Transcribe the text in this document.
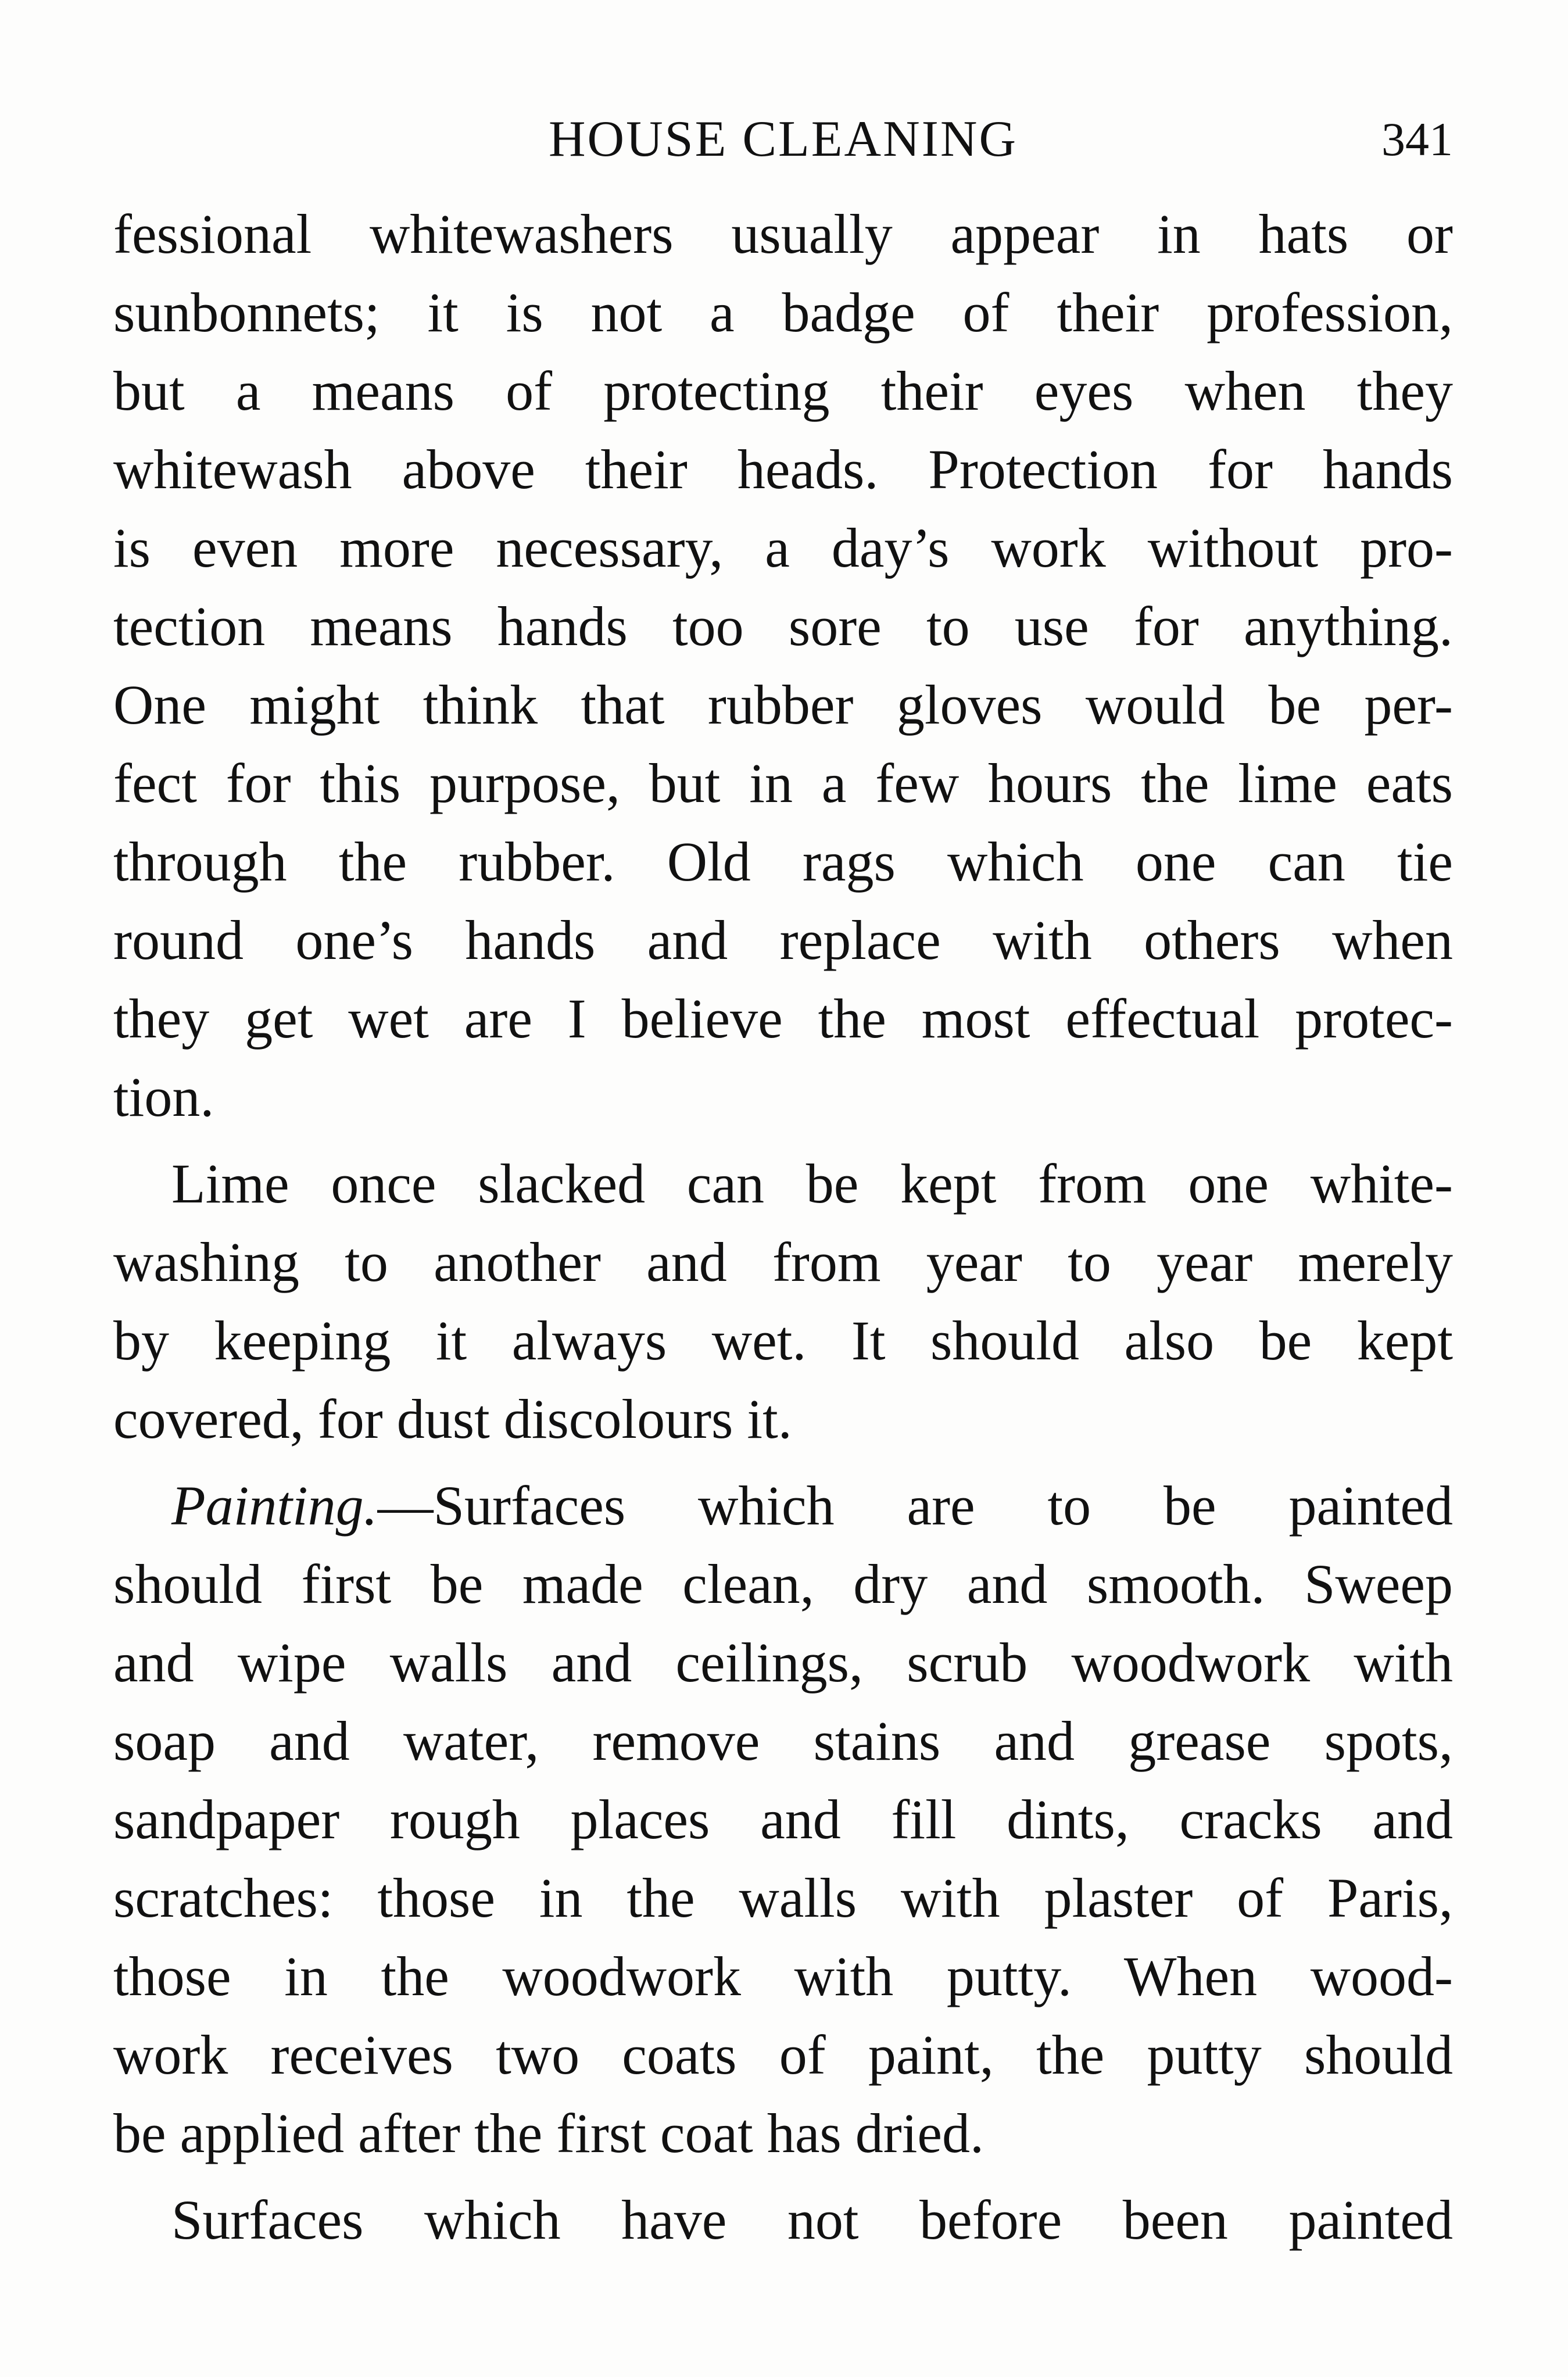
HOUSE CLEANING	341
fessional whitewashers usually appear in hats or
sunbonnets; it is not a badge of their profession,
but a means of protecting their eyes when they
whitewash above their heads. Protection for hands
is even more necessary, a day’s work without pro-
tection means hands too sore to use for anything.
One might think that rubber gloves would be per-
fect for this purpose, but in a few hours the lime eats
through the rubber. Old rags which one can tie
round one’s hands and replace with others when
they get wet are I believe the most effectual protec-
tion.
Lime once slacked can be kept from one white-
washing to another and from year to year merely
by keeping it always wet. It should also be kept
covered, for dust discolours it.
Painting.—Surfaces which are to be painted
should first be made clean, dry and smooth. Sweep
and wipe walls and ceilings, scrub woodwork with
soap and water, remove stains and grease spots,
sandpaper rough places and fill dints, cracks and
scratches: those in the walls with plaster of Paris,
those in the woodwork with putty. When wood-
work receives two coats of paint, the putty should
be applied after the first coat has dried.
Surfaces which have not before been painted
